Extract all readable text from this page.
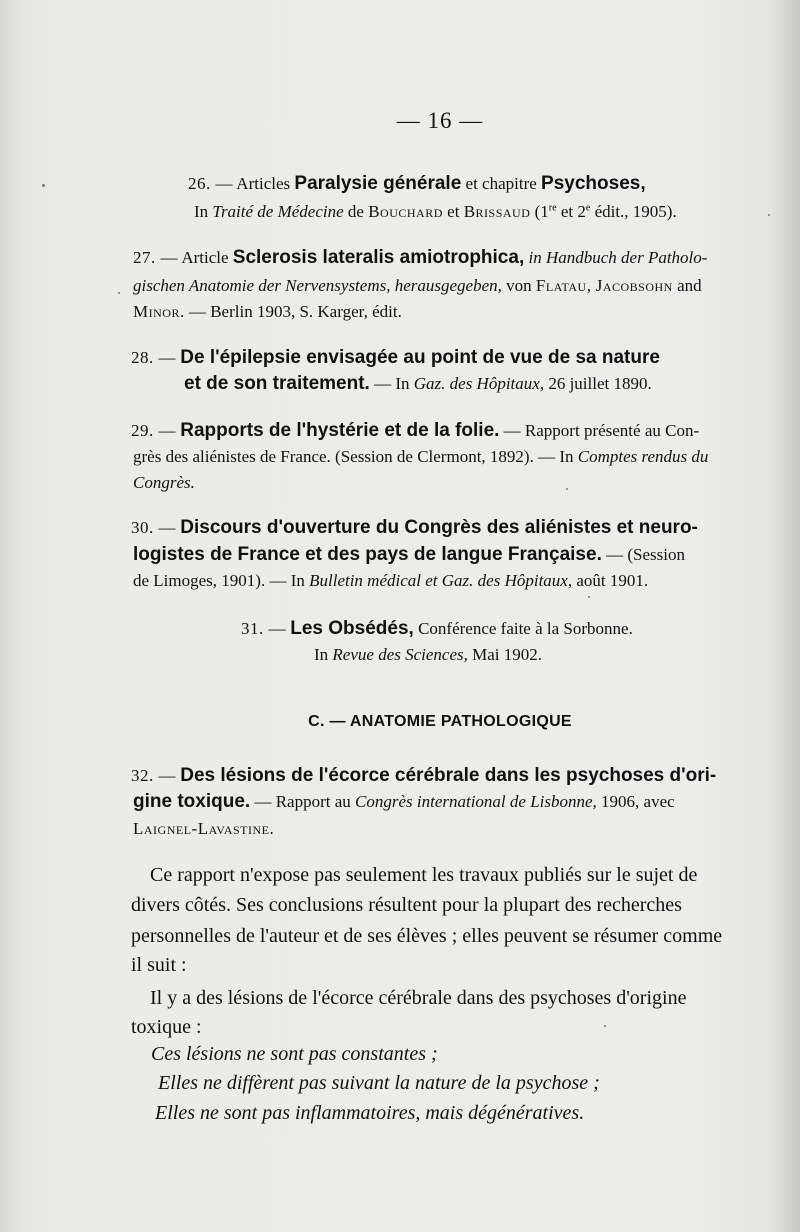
— 16 —
26. — Articles Paralysie générale et chapitre Psychoses,
In Traité de Médecine de Bouchard et Brissaud (1re et 2e édit., 1905).
27. — Article Sclerosis lateralis amiotrophica, in Handbuch der Patholo-
gischen Anatomie der Nervensystems, herausgegeben, von Flatau, Jacobsohn and
Minor. — Berlin 1903, S. Karger, édit.
28. — De l'épilepsie envisagée au point de vue de sa nature
et de son traitement. — In Gaz. des Hôpitaux, 26 juillet 1890.
29. — Rapports de l'hystérie et de la folie. — Rapport présenté au Con-
grès des aliénistes de France. (Session de Clermont, 1892). — In Comptes rendus du
Congrès.
30. — Discours d'ouverture du Congrès des aliénistes et neuro-
logistes de France et des pays de langue Française. — (Session
de Limoges, 1901). — In Bulletin médical et Gaz. des Hôpitaux, août 1901.
31. — Les Obsédés, Conférence faite à la Sorbonne.
In Revue des Sciences, Mai 1902.
C. — ANATOMIE PATHOLOGIQUE
32. — Des lésions de l'écorce cérébrale dans les psychoses d'ori-
gine toxique. — Rapport au Congrès international de Lisbonne, 1906, avec
Laignel-Lavastine.
Ce rapport n'expose pas seulement les travaux publiés sur le sujet de
divers côtés. Ses conclusions résultent pour la plupart des recherches
personnelles de l'auteur et de ses élèves ; elles peuvent se résumer comme
il suit :
Il y a des lésions de l'écorce cérébrale dans des psychoses d'origine
toxique :
Ces lésions ne sont pas constantes ;
Elles ne diffèrent pas suivant la nature de la psychose ;
Elles ne sont pas inflammatoires, mais dégénératives.
